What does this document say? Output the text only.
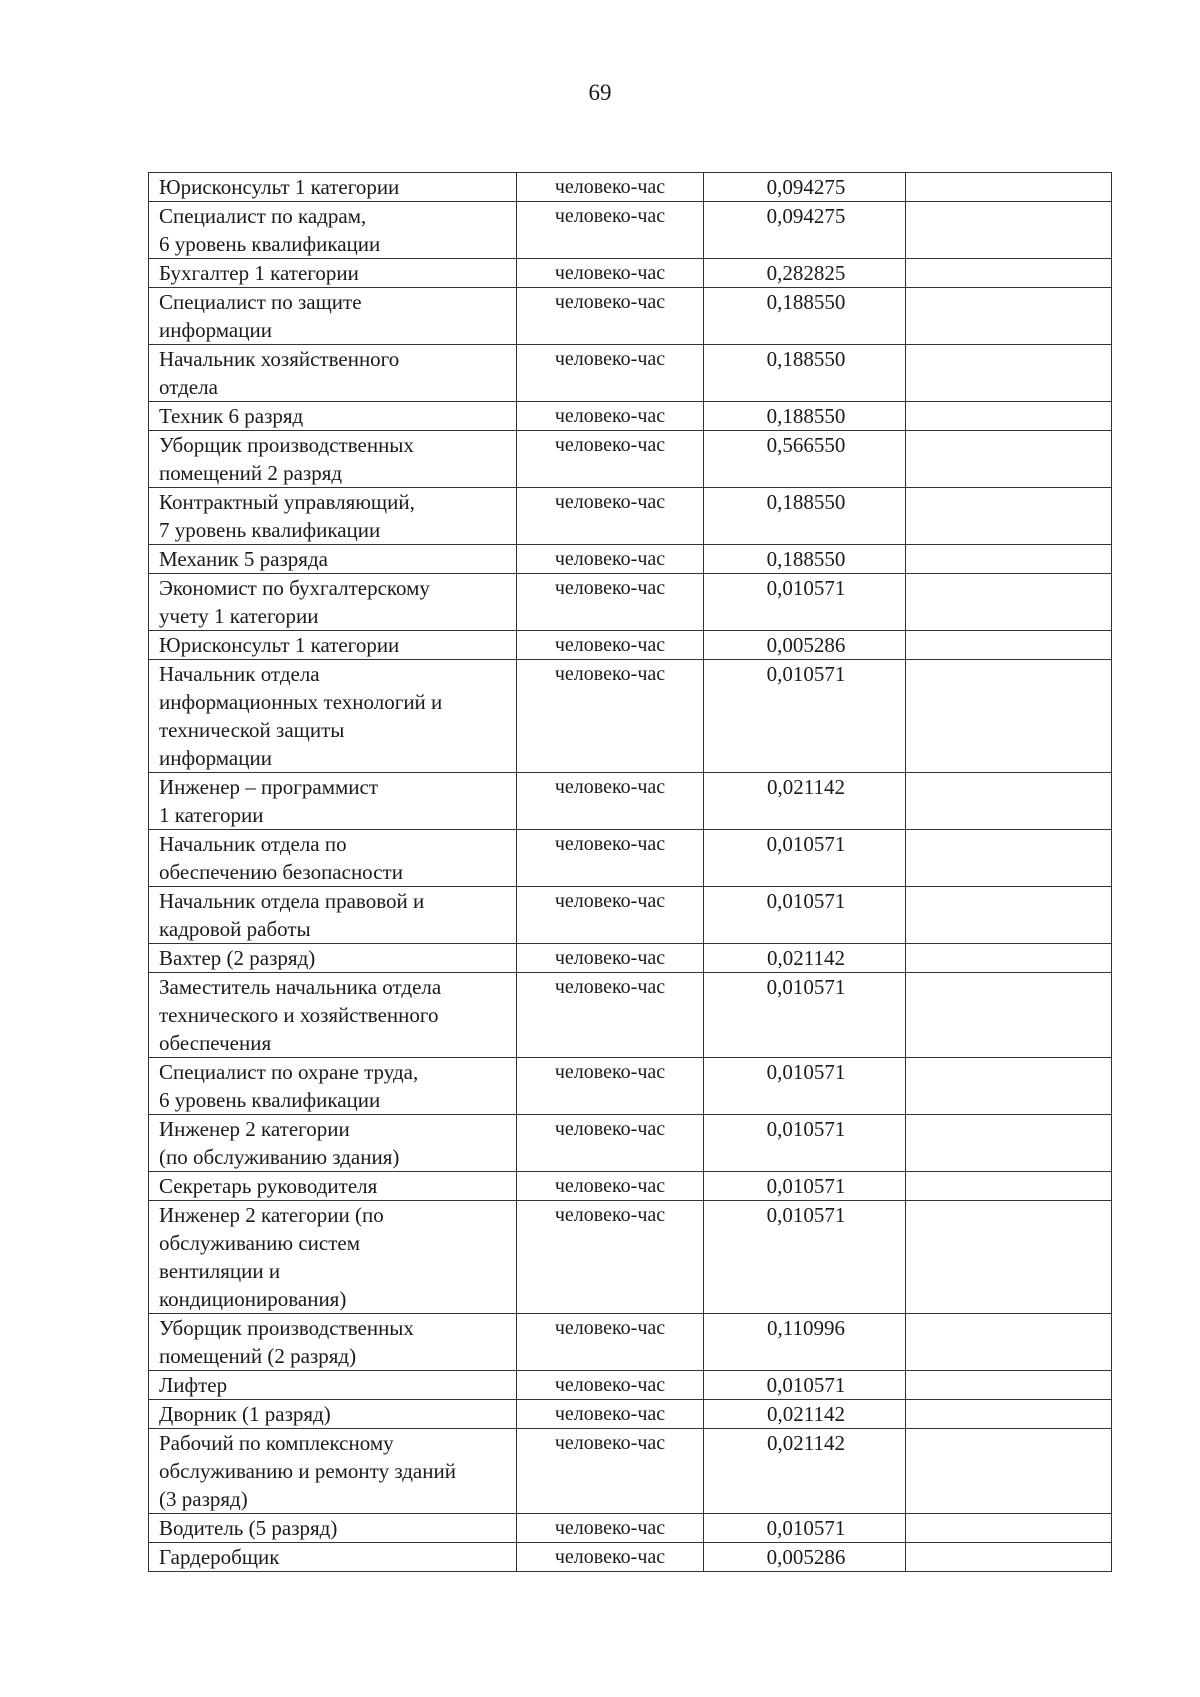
69
Юрисконсульт 1 категории	человеко-час	0,094275	
Специалист по кадрам,
6 уровень квалификации	человеко-час	0,094275	
Бухгалтер 1 категории	человеко-час	0,282825	
Специалист по защите
информации	человеко-час	0,188550	
Начальник хозяйственного
отдела	человеко-час	0,188550	
Техник 6 разряд	человеко-час	0,188550	
Уборщик производственных
помещений 2 разряд	человеко-час	0,566550	
Контрактный управляющий,
7 уровень квалификации	человеко-час	0,188550	
Механик 5 разряда	человеко-час	0,188550	
Экономист по бухгалтерскому
учету 1 категории	человеко-час	0,010571	
Юрисконсульт 1 категории	человеко-час	0,005286	
Начальник отдела
информационных технологий и
технической защиты
информации	человеко-час	0,010571	
Инженер – программист
1 категории	человеко-час	0,021142	
Начальник отдела по
обеспечению безопасности	человеко-час	0,010571	
Начальник отдела правовой и
кадровой работы	человеко-час	0,010571	
Вахтер (2 разряд)	человеко-час	0,021142	
Заместитель начальника отдела
технического и хозяйственного
обеспечения	человеко-час	0,010571	
Специалист по охране труда,
6 уровень квалификации	человеко-час	0,010571	
Инженер 2 категории
(по обслуживанию здания)	человеко-час	0,010571	
Секретарь руководителя	человеко-час	0,010571	
Инженер 2 категории (по
обслуживанию систем
вентиляции и
кондиционирования)	человеко-час	0,010571	
Уборщик производственных
помещений (2 разряд)	человеко-час	0,110996	
Лифтер	человеко-час	0,010571	
Дворник (1 разряд)	человеко-час	0,021142	
Рабочий по комплексному
обслуживанию и ремонту зданий
(3 разряд)	человеко-час	0,021142	
Водитель (5 разряд)	человеко-час	0,010571	
Гардеробщик	человеко-час	0,005286	
